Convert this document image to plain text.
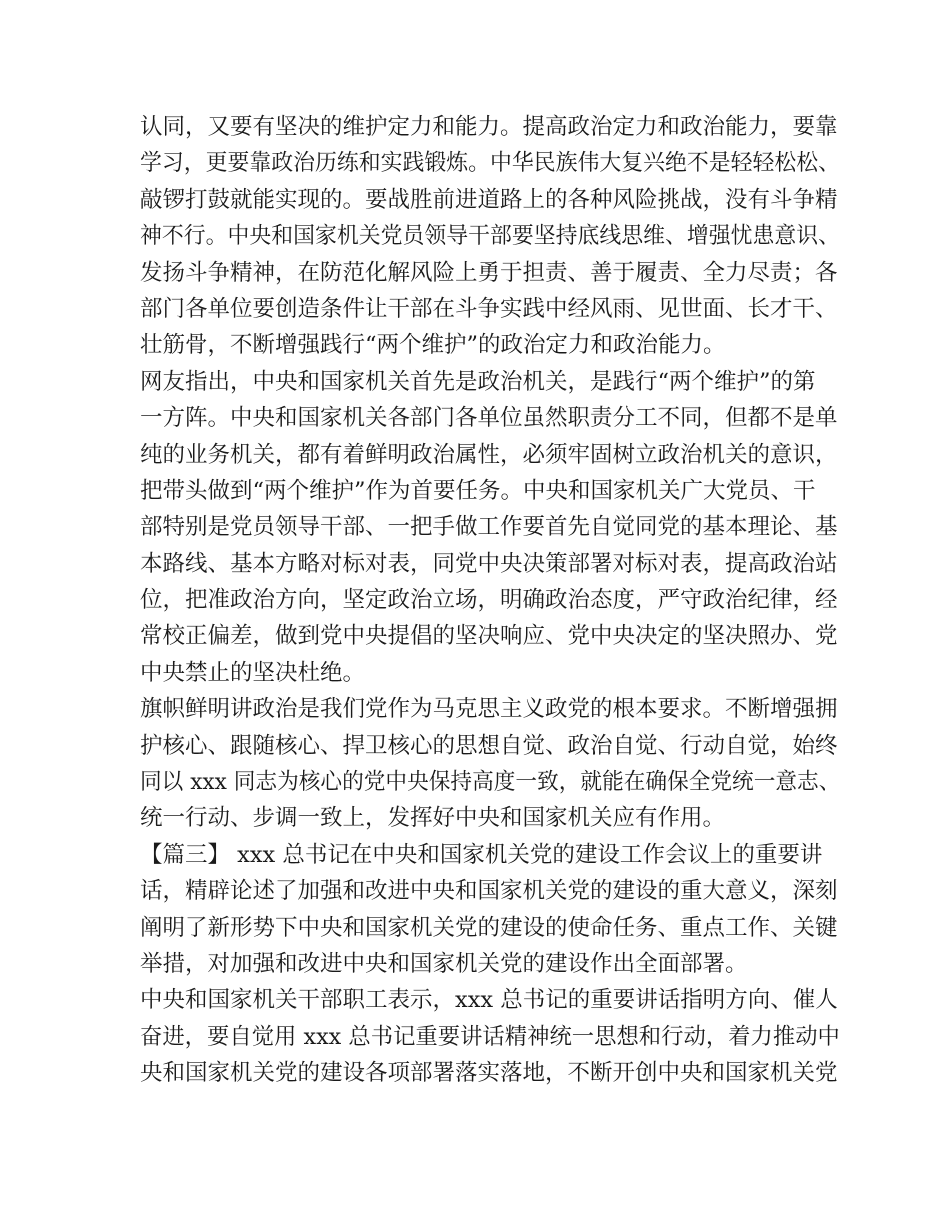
认同，又要有坚决的维护定力和能力。提高政治定力和政治能力，要靠
学习，更要靠政治历练和实践锻炼。中华民族伟大复兴绝不是轻轻松松、
敲锣打鼓就能实现的。要战胜前进道路上的各种风险挑战，没有斗争精
神不行。中央和国家机关党员领导干部要坚持底线思维、增强忧患意识、
发扬斗争精神，在防范化解风险上勇于担责、善于履责、全力尽责；各
部门各单位要创造条件让干部在斗争实践中经风雨、见世面、长才干、
壮筋骨，不断增强践行“两个维护”的政治定力和政治能力。
网友指出，中央和国家机关首先是政治机关，是践行“两个维护”的第
一方阵。中央和国家机关各部门各单位虽然职责分工不同，但都不是单
纯的业务机关，都有着鲜明政治属性，必须牢固树立政治机关的意识，
把带头做到“两个维护”作为首要任务。中央和国家机关广大党员、干
部特别是党员领导干部、一把手做工作要首先自觉同党的基本理论、基
本路线、基本方略对标对表，同党中央决策部署对标对表，提高政治站
位，把准政治方向，坚定政治立场，明确政治态度，严守政治纪律，经
常校正偏差，做到党中央提倡的坚决响应、党中央决定的坚决照办、党
中央禁止的坚决杜绝。
旗帜鲜明讲政治是我们党作为马克思主义政党的根本要求。不断增强拥
护核心、跟随核心、捍卫核心的思想自觉、政治自觉、行动自觉，始终
同以 xxx 同志为核心的党中央保持高度一致，就能在确保全党统一意志、
统一行动、步调一致上，发挥好中央和国家机关应有作用。
【篇三】 xxx 总书记在中央和国家机关党的建设工作会议上的重要讲
话，精辟论述了加强和改进中央和国家机关党的建设的重大意义，深刻
阐明了新形势下中央和国家机关党的建设的使命任务、重点工作、关键
举措，对加强和改进中央和国家机关党的建设作出全面部署。
中央和国家机关干部职工表示，xxx 总书记的重要讲话指明方向、催人
奋进，要自觉用 xxx 总书记重要讲话精神统一思想和行动，着力推动中
央和国家机关党的建设各项部署落实落地，不断开创中央和国家机关党
